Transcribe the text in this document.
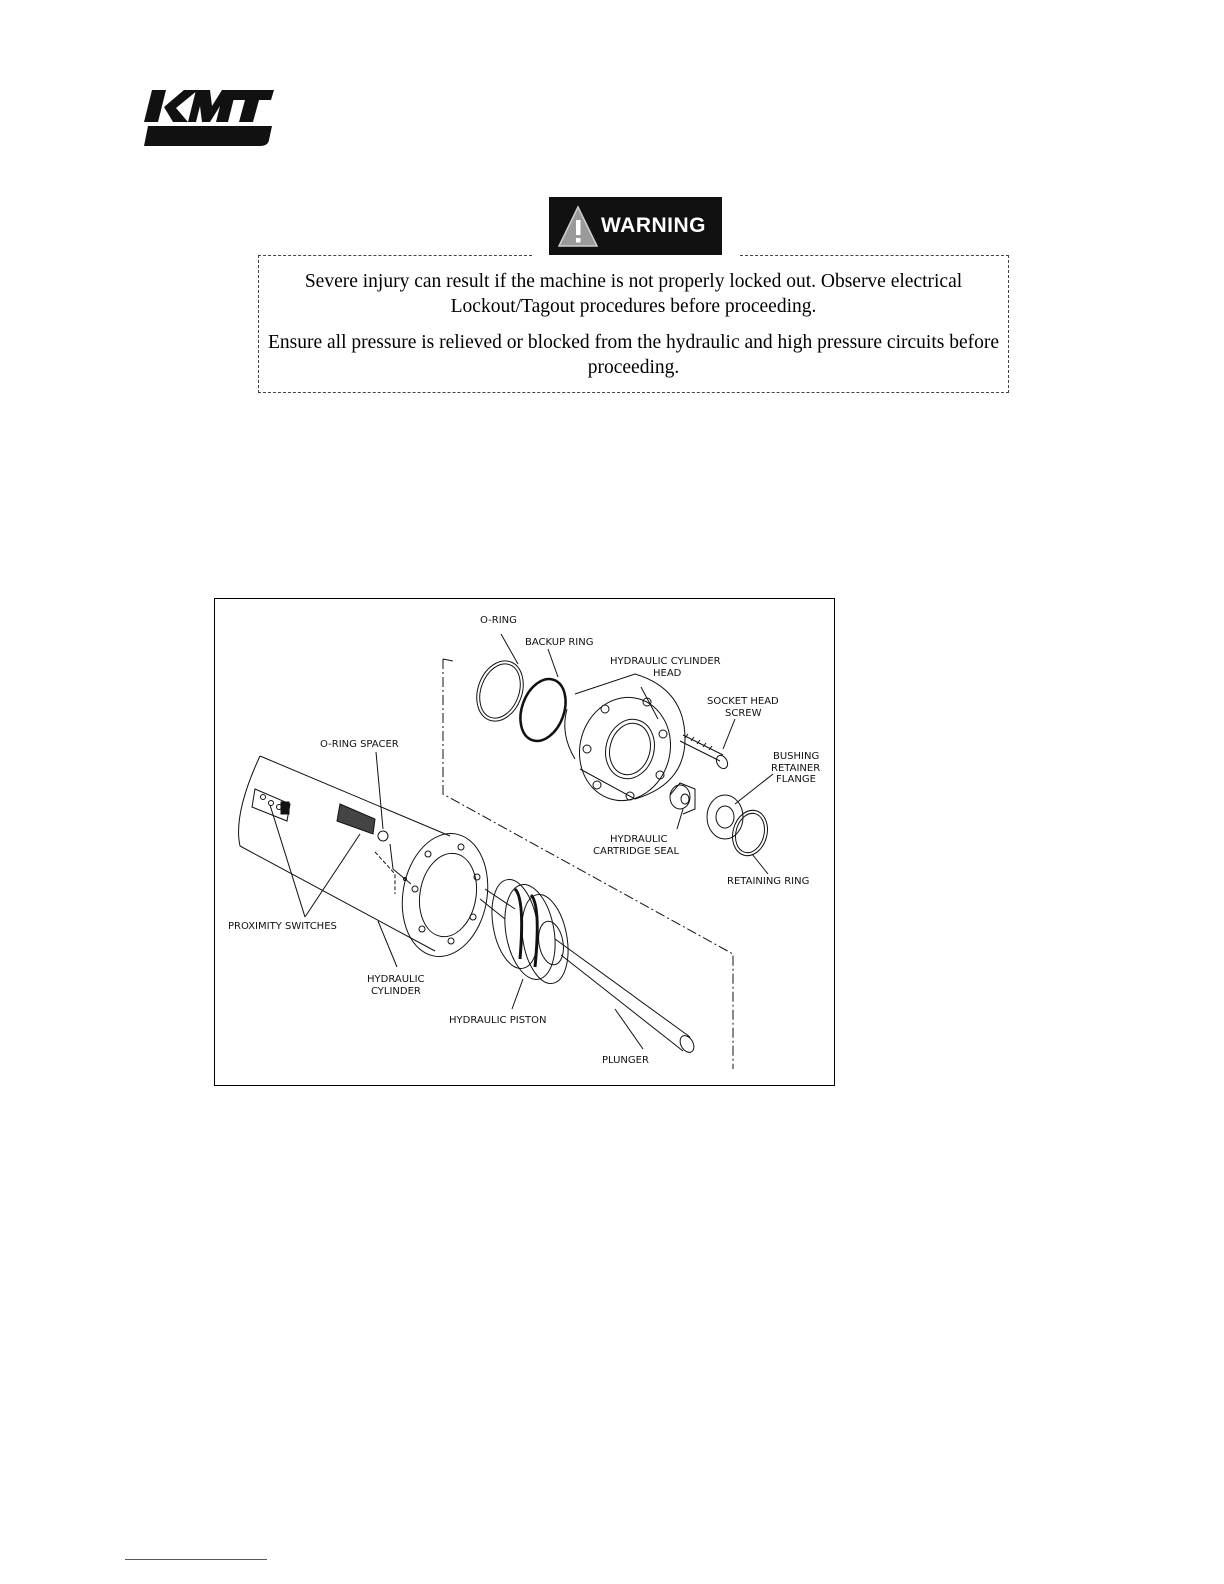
WARNING

Severe injury can result if the machine is not properly locked out. Observe electrical Lockout/Tagout procedures before proceeding.

Ensure all pressure is relieved or blocked from the hydraulic and high pressure circuits before proceeding.

O-RING
BACKUP RING
HYDRAULIC CYLINDER
HEAD
SOCKET HEAD
SCREW
BUSHING
RETAINER
FLANGE
O-RING SPACER
HYDRAULIC
CARTRIDGE SEAL
RETAINING RING
PROXIMITY SWITCHES
HYDRAULIC
CYLINDER
HYDRAULIC PISTON
PLUNGER
